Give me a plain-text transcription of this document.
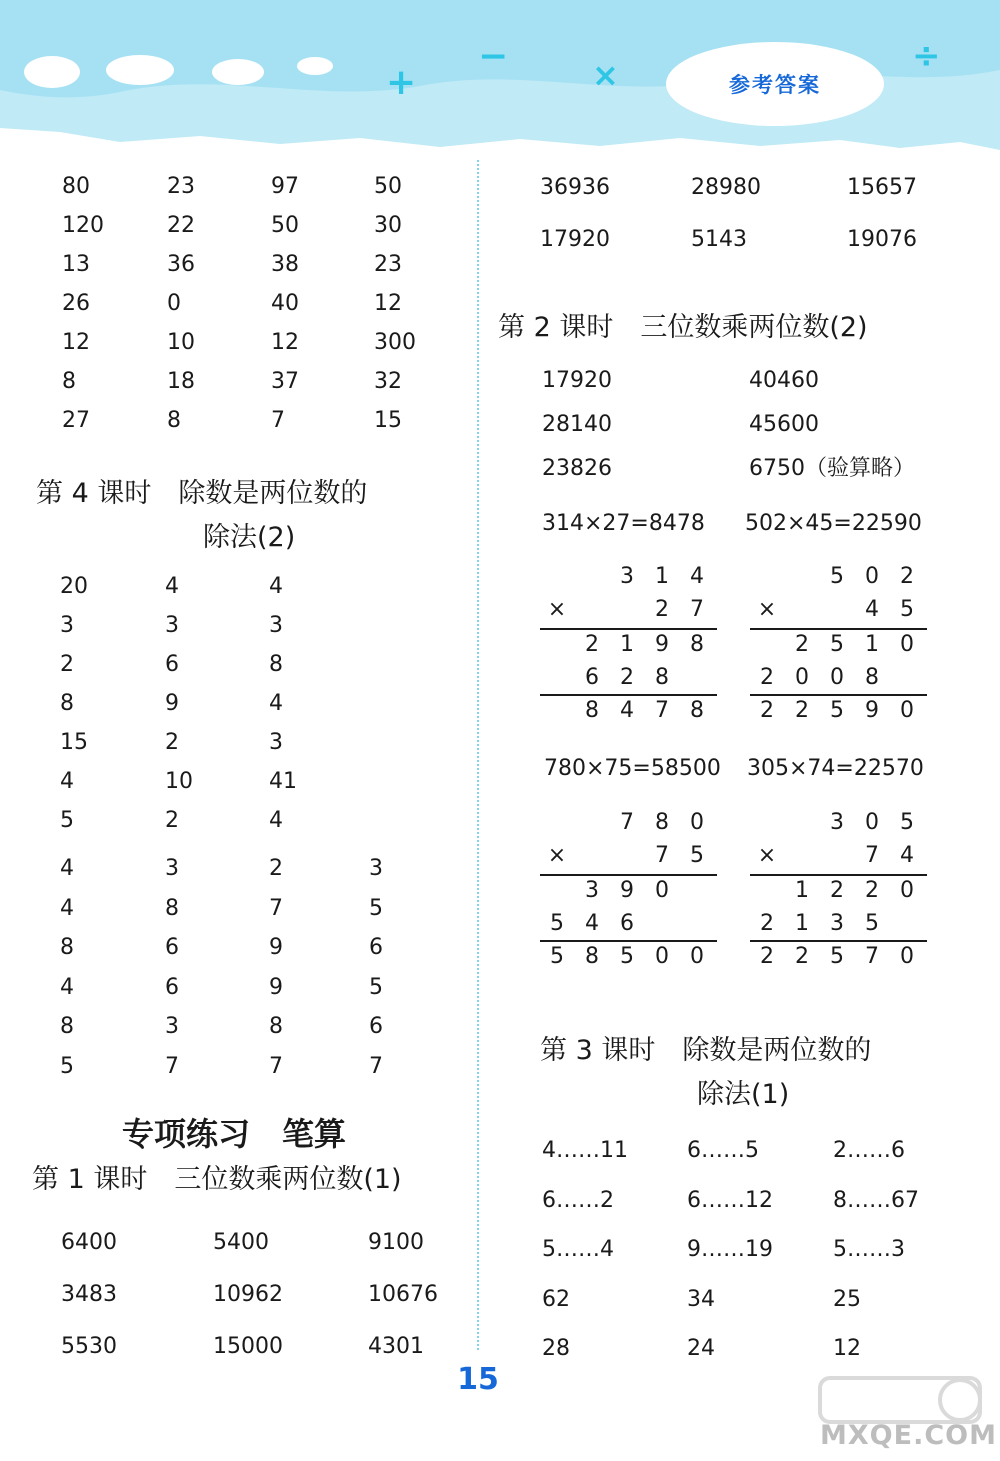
+
−	×	÷
参考答案
80	23	97	50
120	22	50	30
13	36	38	23
26	0	40	12
12	10	12	300
8	18	37	32
27	8	7	15
第 4 课时　除数是两位数的
除法(2)
20	4	4
3	3	3
2	6	8
8	9	4
15	2	3
4	10	41
5	2	4
4	3	2	3
4	8	7	5
8	6	9	6
4	6	9	5
8	3	8	6
5	7	7	7
专项练习　笔算
第 1 课时　三位数乘两位数(1)
6400	5400	9100
3483	10962	10676
5530	15000	4301
36936	28980	15657
17920	5143	19076
第 2 课时　三位数乘两位数(2)
17920	40460
28140	45600
23826	6750（验算略）
314×27=8478 502×45=22590
780×75=58500 305×74=22570
3 1 4
×	2 7
2 1 9 8
6 2 8
8 4 7 8
5 0 2
×	4 5
2 5 1 0
2 0 0 8
2 2 5 9 0
7 8 0
×	7 5
3 9 0
5 4 6
5 8 5 0 0
3 0 5
×	7 4
1 2 2 0
2 1 3 5
2 2 5 7 0
第 3 课时　除数是两位数的
除法(1)
4……11	6……5	2……6
6……2	6……12	8……67
5……4	9……19	5……3
62	34	25
28	24	12
15
MXQE.COM
